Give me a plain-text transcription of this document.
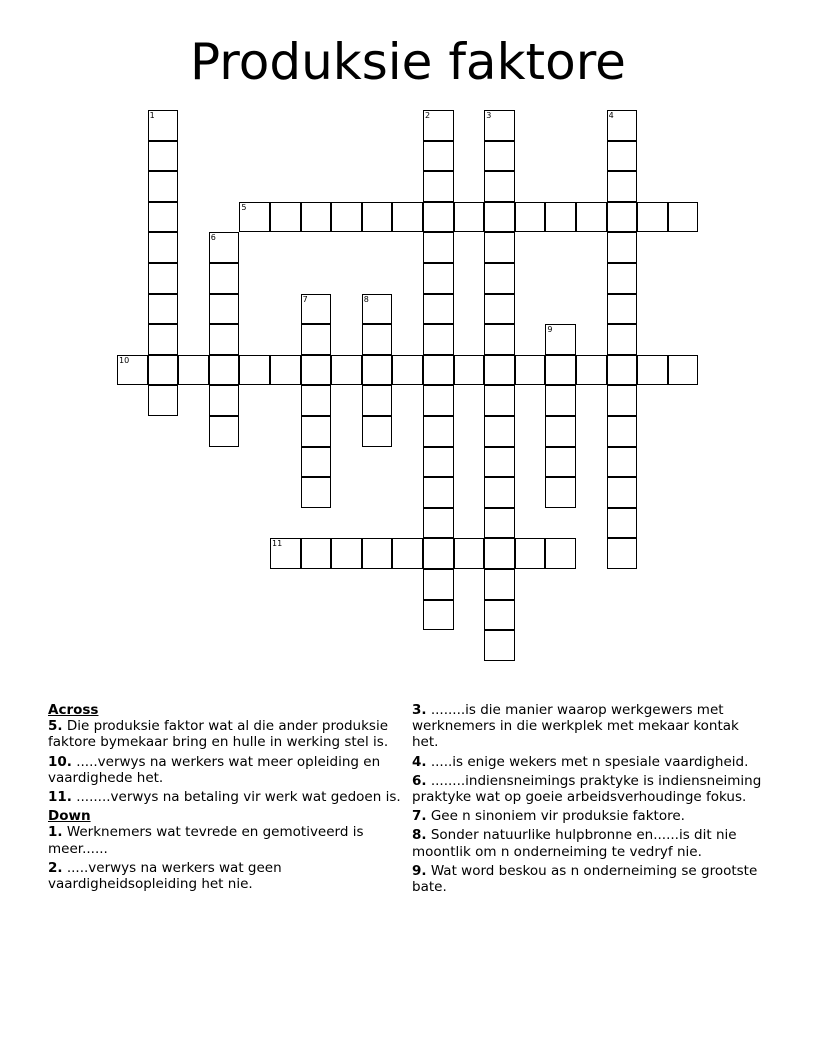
Produksie faktore
1	2	3	4
5
6
7	8
9
10
11

Across

5. Die produksie faktor wat al die ander produksie faktore bymekaar bring en hulle in werking stel is.

10. .....verwys na werkers wat meer opleiding en vaardighede het.

11. ........verwys na betaling vir werk wat gedoen is.

Down

1. Werknemers wat tevrede en gemotiveerd is meer......

2. .....verwys na werkers wat geen vaardigheidsopleiding het nie.

3. ........is die manier waarop werkgewers met werknemers in die werkplek met mekaar kontak het.

4. .....is enige wekers met n spesiale vaardigheid.

6. ........indiensneimings praktyke is indiensneiming praktyke wat op goeie arbeidsverhoudinge fokus.

7. Gee n sinoniem vir produksie faktore.

8. Sonder natuurlike hulpbronne en......is dit nie moontlik om n onderneiming te vedryf nie.

9. Wat word beskou as n onderneiming se grootste bate.
